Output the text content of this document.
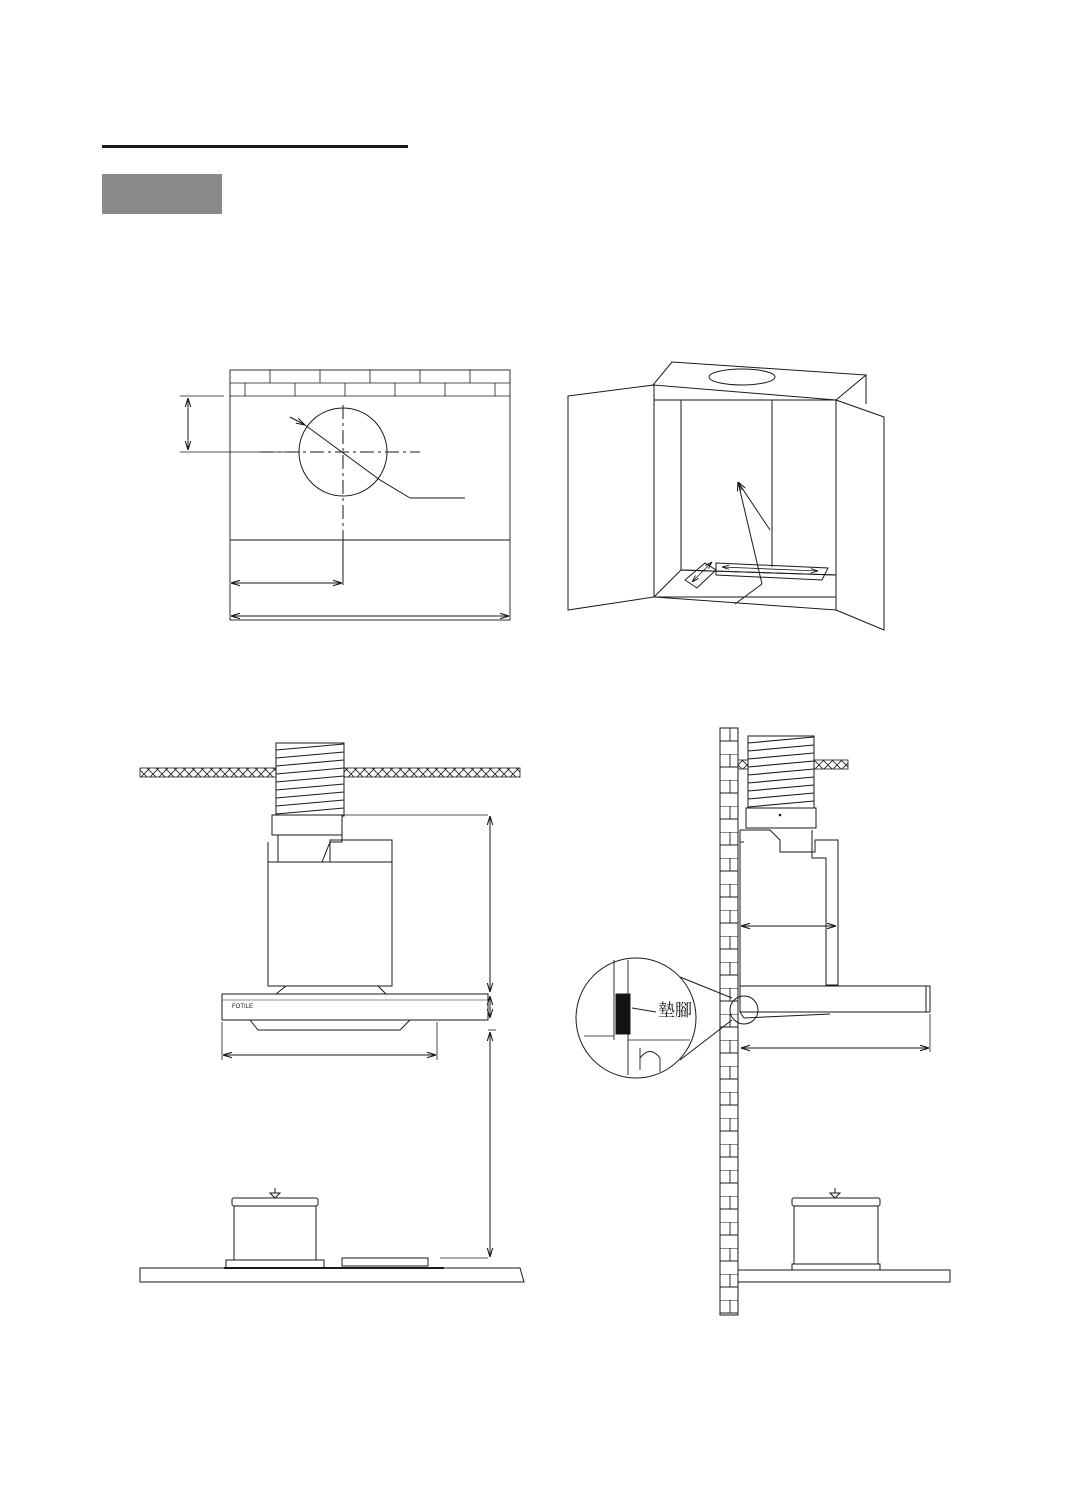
FOTILE	墊腳
